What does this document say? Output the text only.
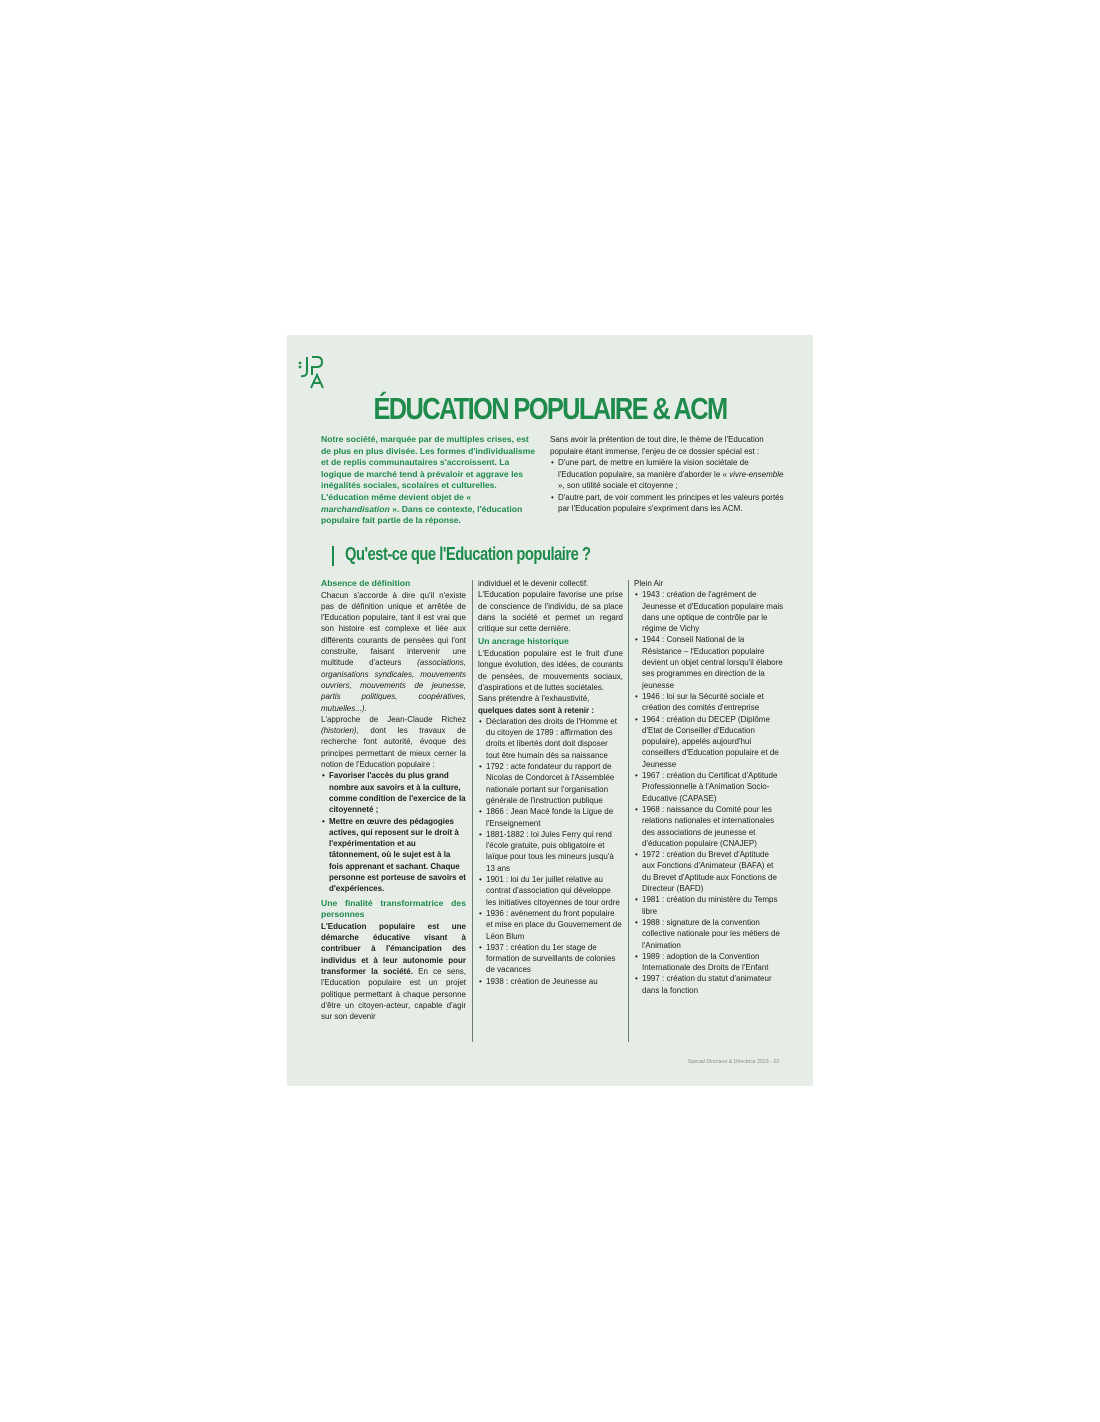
ÉDUCATION POPULAIRE & ACM
Notre société, marquée par de multiples crises, est de plus en plus divisée. Les formes d'individualisme et de replis communautaires s'accroissent. La logique de marché tend à prévaloir et aggrave les inégalités sociales, scolaires et culturelles. L'éducation même devient objet de « marchandisation ». Dans ce contexte, l'éducation populaire fait partie de la réponse.

Sans avoir la prétention de tout dire, le thème de l'Education populaire étant immense, l'enjeu de ce dossier spécial est :

• D'une part, de mettre en lumière la vision sociétale de l'Education populaire, sa manière d'aborder le « vivre-ensemble », son utilité sociale et citoyenne ;
• D'autre part, de voir comment les principes et les valeurs portés par l'Education populaire s'expriment dans les ACM.
Qu'est-ce que l'Education populaire ?

Absence de définition

Chacun s'accorde à dire qu'il n'existe pas de définition unique et arrêtée de l'Education populaire, tant il est vrai que son histoire est complexe et liée aux différents courants de pensées qui l'ont construite, faisant intervenir une multitude d'acteurs (associations, organisations syndicales, mouvements ouvriers, mouvements de jeunesse, partis politiques, coopératives, mutuelles...).

L'approche de Jean-Claude Richez (historien), dont les travaux de recherche font autorité, évoque des principes permettant de mieux cerner la notion de l'Education populaire :

• Favoriser l'accès du plus grand nombre aux savoirs et à la culture, comme condition de l'exercice de la citoyenneté ;
• Mettre en œuvre des pédagogies actives, qui reposent sur le droit à l'expérimentation et au tâtonnement, où le sujet est à la fois apprenant et sachant. Chaque personne est porteuse de savoirs et d'expériences.

Une finalité transformatrice des personnes

L'Education populaire est une démarche éducative visant à contribuer à l'émancipation des individus et à leur autonomie pour transformer la société. En ce sens, l'Education populaire est un projet politique permettant à chaque personne d'être un citoyen-acteur, capable d'agir sur son devenir

individuel et le devenir collectif.

L'Education populaire favorise une prise de conscience de l'individu, de sa place dans la société et permet un regard critique sur cette dernière.

Un ancrage historique

L'Education populaire est le fruit d'une longue évolution, des idées, de courants de pensées, de mouvements sociaux, d'aspirations et de luttes sociétales.

Sans prétendre à l'exhaustivité, quelques dates sont à retenir :

• Déclaration des droits de l'Homme et du citoyen de 1789 : affirmation des droits et libertés dont doit disposer tout être humain dès sa naissance
• 1792 : acte fondateur du rapport de Nicolas de Condorcet à l'Assemblée nationale portant sur l'organisation générale de l'instruction publique
• 1866 : Jean Macé fonde la Ligue de l'Enseignement
• 1881-1882 : loi Jules Ferry qui rend l'école gratuite, puis obligatoire et laïque pour tous les mineurs jusqu'à 13 ans
• 1901 : loi du 1er juillet relative au contrat d'association qui développe les initiatives citoyennes de tour ordre
• 1936 : avènement du front populaire et mise en place du Gouvernement de Léon Blum
• 1937 : création du 1er stage de formation de surveillants de colonies de vacances
• 1938 : création de Jeunesse au

Plein Air

• 1943 : création de l'agrément de Jeunesse et d'Education populaire mais dans une optique de contrôle par le régime de Vichy
• 1944 : Conseil National de la Résistance – l'Education populaire devient un objet central lorsqu'il élabore ses programmes en direction de la jeunesse
• 1946 : loi sur la Sécurité sociale et création des comités d'entreprise
• 1964 : création du DECEP (Diplôme d'Etat de Conseiller d'Education populaire), appelés aujourd'hui conseillers d'Education populaire et de Jeunesse
• 1967 : création du Certificat d'Aptitude Professionnelle à l'Animation Socio-Educative (CAPASE)
• 1968 : naissance du Comité pour les relations nationales et internationales des associations de jeunesse et d'éducation populaire (CNAJEP)
• 1972 : création du Brevet d'Aptitude aux Fonctions d'Animateur (BAFA) et du Brevet d'Aptitude aux Fonctions de Directeur (BAFD)
• 1981 : création du ministère du Temps libre
• 1988 : signature de la convention collective nationale pour les métiers de l'Animation
• 1989 : adoption de la Convention Internationale des Droits de l'Enfant
• 1997 : création du statut d'animateur dans la fonction
Spécial Directeur & Directrice 2023 - 23
